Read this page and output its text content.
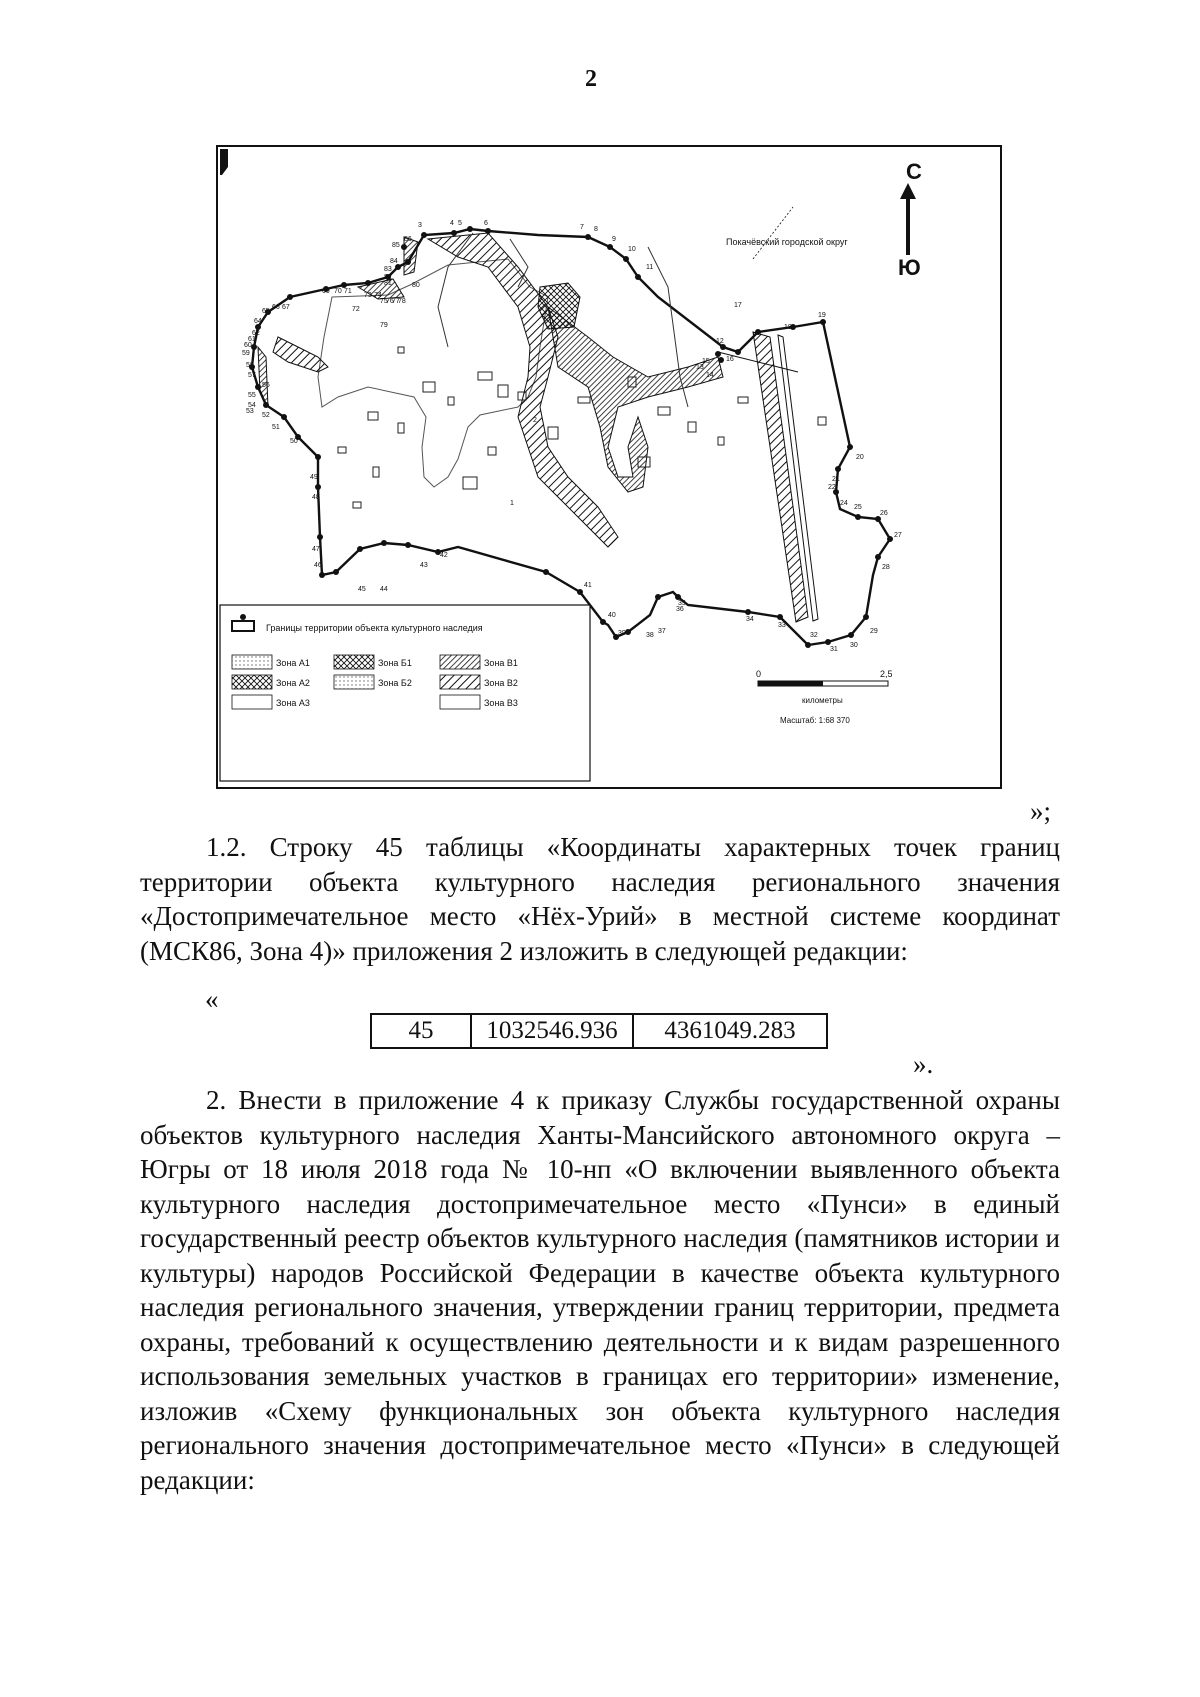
2
3	4 5	6
7 8
9
10
11
12
13
14
15 16
17
18
19
20
21
22
24
25
26
27
28
29
30
31
32
33
34
35
36
37
38
39
40
41
42
43
44
45
46
47
48
49
50
51
52
53
54
55
56
57
58
59
60
61
62
64
65
66 67
69 70 71
73 74
72
75
76
77
78
79
80
82
83
84
85
86
81
1
2
С
Ю
Покачёвский городской округ
Границы территории объекта культурного наследия
Зона А1
Зона А2
Зона А3
Зона Б1
Зона Б2
Зона В1
Зона В2
Зона В3
0	2,5
километры
Масштаб: 1:68 370
»;
1.2. Строку 45 таблицы «Координаты характерных точек границ территории объекта культурного наследия регионального значения «Достопримечательное место «Нёх-Урий» в местной системе координат (МСК86, Зона 4)» приложения 2 изложить в следующей редакции:
«
45	1032546.936	4361049.283
».
2. Внести в приложение 4 к приказу Службы государственной охраны объектов культурного наследия Ханты-Мансийского автономного округа – Югры от 18 июля 2018 года № 10-нп «О включении выявленного объекта культурного наследия достопримечательное место «Пунси» в единый государственный реестр объектов культурного наследия (памятников истории и культуры) народов Российской Федерации в качестве объекта культурного наследия регионального значения, утверждении границ территории, предмета охраны, требований к осуществлению деятельности и к видам разрешенного использования земельных участков в границах его территории» изменение, изложив «Схему функциональных зон объекта культурного наследия регионального значения достопримечательное место «Пунси» в следующей редакции:
